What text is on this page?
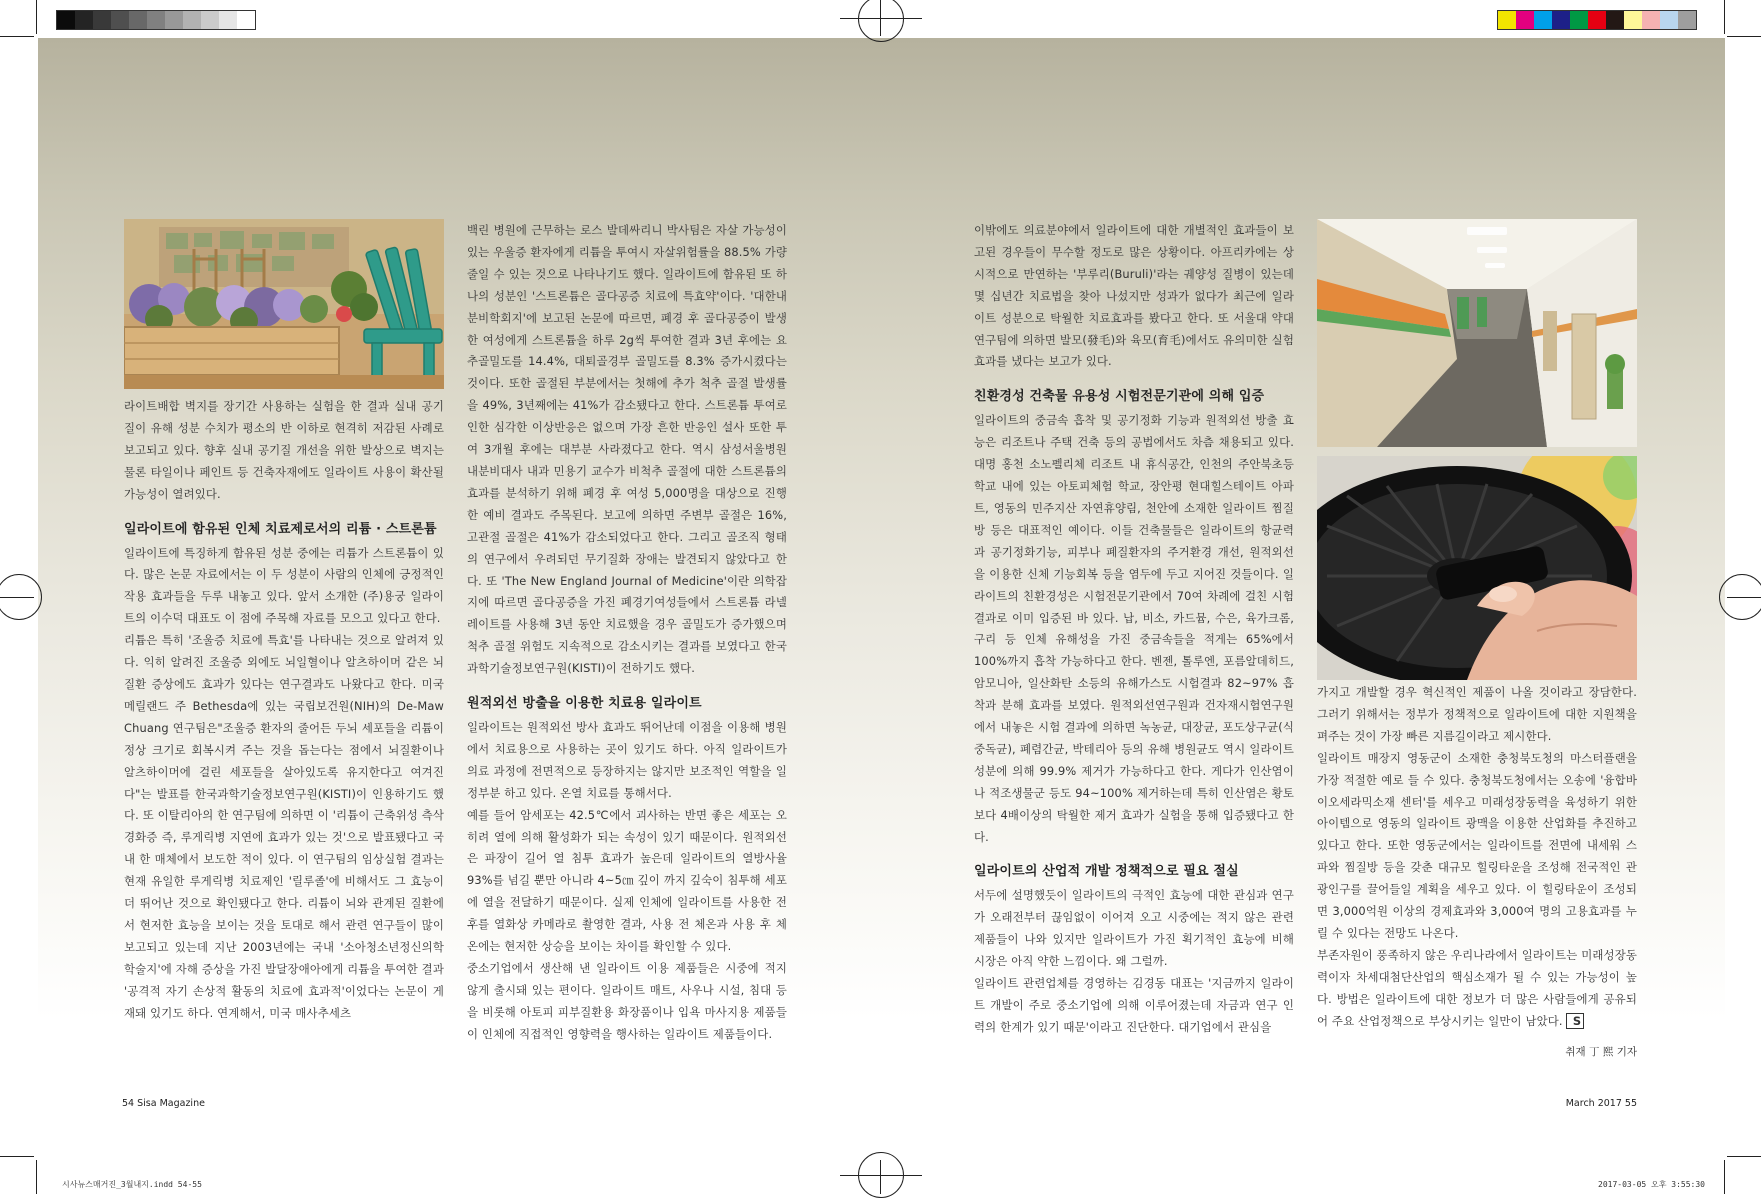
라이트배합 벽지를 장기간 사용하는 실험을 한 결과 실내 공기질이 유해 성분 수치가 평소의 반 이하로 현격히 저감된 사례로 보고되고 있다. 향후 실내 공기질 개선을 위한 발상으로 벽지는 물론 타일이나 페인트 등 건축자재에도 일라이트 사용이 확산될 가능성이 열려있다.

일라이트에 함유된 인체 치료제로서의 리튬 · 스트론튬

일라이트에 특징하게 함유된 성분 중에는 리튬가 스트론튬이 있다. 많은 논문 자료에서는 이 두 성분이 사람의 인체에 긍정적인 작용 효과들을 두루 내놓고 있다. 앞서 소개한 (주)용궁 일라이트의 이수덕 대표도 이 점에 주목해 자료를 모으고 있다고 한다.

리튬은 특히 '조울증 치료에 특효'를 나타내는 것으로 알려져 있다. 익히 알려진 조울증 외에도 뇌일혈이나 알츠하이머 같은 뇌질환 증상에도 효과가 있다는 연구결과도 나왔다고 한다. 미국 메릴랜드 주 Bethesda에 있는 국립보건원(NIH)의 De-Maw Chuang 연구팀은"조울증 환자의 줄어든 두뇌 세포들을 리튬이 정상 크기로 회복시켜 주는 것을 돕는다는 점에서 뇌질환이나 알츠하이머에 걸린 세포들을 살아있도록 유지한다고 여겨진다"는 발표를 한국과학기술정보연구원(KISTI)이 인용하기도 했다. 또 이탈리아의 한 연구팀에 의하면 이 '리튬이 근축위성 측삭 경화증 즉, 루게릭병 지연에 효과가 있는 것'으로 발표됐다고 국내 한 매체에서 보도한 적이 있다. 이 연구팀의 임상실험 결과는 현재 유일한 루게릭병 치료제인 '릴루졸'에 비해서도 그 효능이 더 뛰어난 것으로 확인됐다고 한다. 리튬이 뇌와 관계된 질환에서 현저한 효능을 보이는 것을 토대로 해서 관련 연구들이 많이 보고되고 있는데 지난 2003년에는 국내 '소아청소년정신의학 학술지'에 자해 증상을 가진 발달장애아에게 리튬을 투여한 결과 '공격적 자기 손상적 활동의 치료에 효과적'이었다는 논문이 게재돼 있기도 하다. 연계해서, 미국 매사추세츠

백린 병원에 근무하는 로스 발데싸리니 박사팀은 자살 가능성이 있는 우울증 환자에게 리튬을 투여시 자살위험률을 88.5% 가량 줄일 수 있는 것으로 나타나기도 했다. 일라이트에 함유된 또 하나의 성분인 '스트론튬은 골다공증 치료에 특효약'이다. '대한내분비학회지'에 보고된 논문에 따르면, 폐경 후 골다공증이 발생한 여성에게 스트론튬을 하루 2g씩 투여한 결과 3년 후에는 요추골밀도를 14.4%, 대퇴골경부 골밀도를 8.3% 증가시켰다는 것이다. 또한 골절된 부분에서는 첫해에 추가 척추 골절 발생률을 49%, 3년째에는 41%가 감소됐다고 한다. 스트론튬 투여로 인한 심각한 이상반응은 없으며 가장 흔한 반응인 설사 또한 투여 3개월 후에는 대부분 사라졌다고 한다. 역시 삼성서울병원 내분비대사 내과 민용기 교수가 비척추 골절에 대한 스트론튬의 효과를 분석하기 위해 폐경 후 여성 5,000명을 대상으로 진행한 예비 결과도 주목된다. 보고에 의하면 주변부 골절은 16%, 고관절 골절은 41%가 감소되었다고 한다. 그리고 골조직 형태의 연구에서 우려되던 무기질화 장애는 발견되지 않았다고 한다. 또 'The New England Journal of Medicine'이란 의학잡지에 따르면 골다공증을 가진 폐경기여성들에서 스트론튬 라넬레이트를 사용해 3년 동안 치료했을 경우 골밀도가 증가했으며 척추 골절 위험도 지속적으로 감소시키는 결과를 보였다고 한국과학기술정보연구원(KISTI)이 전하기도 했다.

원적외선 방출을 이용한 치료용 일라이트

일라이트는 원적외선 방사 효과도 뛰어난데 이점을 이용해 병원에서 치료용으로 사용하는 곳이 있기도 하다. 아직 일라이트가 의료 과정에 전면적으로 등장하지는 않지만 보조적인 역할을 일정부분 하고 있다. 온열 치료를 통해서다.

예를 들어 암세포는 42.5℃에서 괴사하는 반면 좋은 세포는 오히려 열에 의해 활성화가 되는 속성이 있기 때문이다. 원적외선은 파장이 길어 열 침투 효과가 높은데 일라이트의 열방사율 93%를 넘길 뿐만 아니라 4~5㎝ 깊이 까지 깊숙이 침투해 세포에 열을 전달하기 때문이다. 실제 인체에 일라이트를 사용한 전후를 열화상 카메라로 촬영한 결과, 사용 전 체온과 사용 후 체온에는 현저한 상승을 보이는 차이를 확인할 수 있다.

중소기업에서 생산해 낸 일라이트 이용 제품들은 시중에 적지 않게 출시돼 있는 편이다. 일라이트 매트, 사우나 시설, 침대 등을 비롯해 아토피 피부질환용 화장품이나 입욕 마사지용 제품들이 인체에 직접적인 영향력을 행사하는 일라이트 제품들이다.

이밖에도 의료분야에서 일라이트에 대한 개별적인 효과들이 보고된 경우들이 무수할 정도로 많은 상황이다. 아프리카에는 상시적으로 만연하는 '부루리(Buruli)'라는 궤양성 질병이 있는데 몇 십년간 치료법을 찾아 나섰지만 성과가 없다가 최근에 일라이트 성분으로 탁월한 치료효과를 봤다고 한다. 또 서울대 약대 연구팀에 의하면 발모(發毛)와 육모(育毛)에서도 유의미한 실험 효과를 냈다는 보고가 있다.

친환경성 건축물 유용성 시험전문기관에 의해 입증

일라이트의 중금속 흡착 및 공기정화 기능과 원적외선 방출 효능은 리조트나 주택 건축 등의 공법에서도 차츰 채용되고 있다. 대명 홍천 소노펠리체 리조트 내 휴식공간, 인천의 주안북초등학교 내에 있는 아토피체험 학교, 장안평 현대힐스테이트 아파트, 영동의 민주지산 자연휴양림, 천안에 소재한 일라이트 찜질방 등은 대표적인 예이다. 이들 건축물들은 일라이트의 항균력과 공기정화기능, 피부나 폐질환자의 주거환경 개선, 원적외선을 이용한 신체 기능회복 등을 염두에 두고 지어진 것들이다. 일라이트의 친환경성은 시험전문기관에서 70여 차례에 걸친 시험결과로 이미 입증된 바 있다. 납, 비소, 카드뮴, 수은, 육가크롬, 구리 등 인체 유해성을 가진 중금속들을 적게는 65%에서 100%까지 흡착 가능하다고 한다. 벤젠, 톨루엔, 포름알데히드, 암모니아, 일산화탄 소등의 유해가스도 시험결과 82~97% 흡착과 분해 효과를 보였다. 원적외선연구원과 건자재시험연구원에서 내놓은 시험 결과에 의하면 녹농균, 대장균, 포도상구균(식중독균), 폐렴간균, 박테리아 등의 유해 병원균도 역시 일라이트 성분에 의해 99.9% 제거가 가능하다고 한다. 게다가 인산염이나 적조생물군 등도 94~100% 제거하는데 특히 인산염은 황토보다 4배이상의 탁월한 제거 효과가 실험을 통해 입증됐다고 한다.

일라이트의 산업적 개발 정책적으로 필요 절실

서두에 설명했듯이 일라이트의 극적인 효능에 대한 관심과 연구가 오래전부터 끊임없이 이어져 오고 시중에는 적지 않은 관련제품들이 나와 있지만 일라이트가 가진 획기적인 효능에 비해 시장은 아직 약한 느낌이다. 왜 그럴까.

일라이트 관련업체를 경영하는 김경동 대표는 '지금까지 일라이트 개발이 주로 중소기업에 의해 이루어졌는데 자금과 연구 인력의 한계가 있기 때문'이라고 진단한다. 대기업에서 관심을

가지고 개발할 경우 혁신적인 제품이 나올 것이라고 장담한다. 그러기 위해서는 정부가 정책적으로 일라이트에 대한 지원책을 펴주는 것이 가장 빠른 지름길이라고 제시한다.

일라이트 매장지 영동군이 소재한 충청북도청의 마스터플랜을 가장 적절한 예로 들 수 있다. 충청북도청에서는 오송에 '융합바이오세라믹소재 센터'를 세우고 미래성장동력을 육성하기 위한 아이템으로 영동의 일라이트 광맥을 이용한 산업화를 추진하고 있다고 한다. 또한 영동군에서는 일라이트를 전면에 내세워 스파와 찜질방 등을 갖춘 대규모 힐링타운을 조성해 전국적인 관광인구를 끌어들일 계획을 세우고 있다. 이 힐링타운이 조성되면 3,000억원 이상의 경제효과와 3,000여 명의 고용효과를 누릴 수 있다는 전망도 나온다.

부존자원이 풍족하지 않은 우리나라에서 일라이트는 미래성장동력이자 차세대첨단산업의 핵심소재가 될 수 있는 가능성이 높다. 방법은 일라이트에 대한 정보가 더 많은 사람들에게 공유되어 주요 산업정책으로 부상시키는 일만이 남았다. S

취재 丁 熙 기자
54 Sisa Magazine	March 2017 55
시사뉴스매거진_3월내지.indd 54-55	2017-03-05 오후 3:55:30
